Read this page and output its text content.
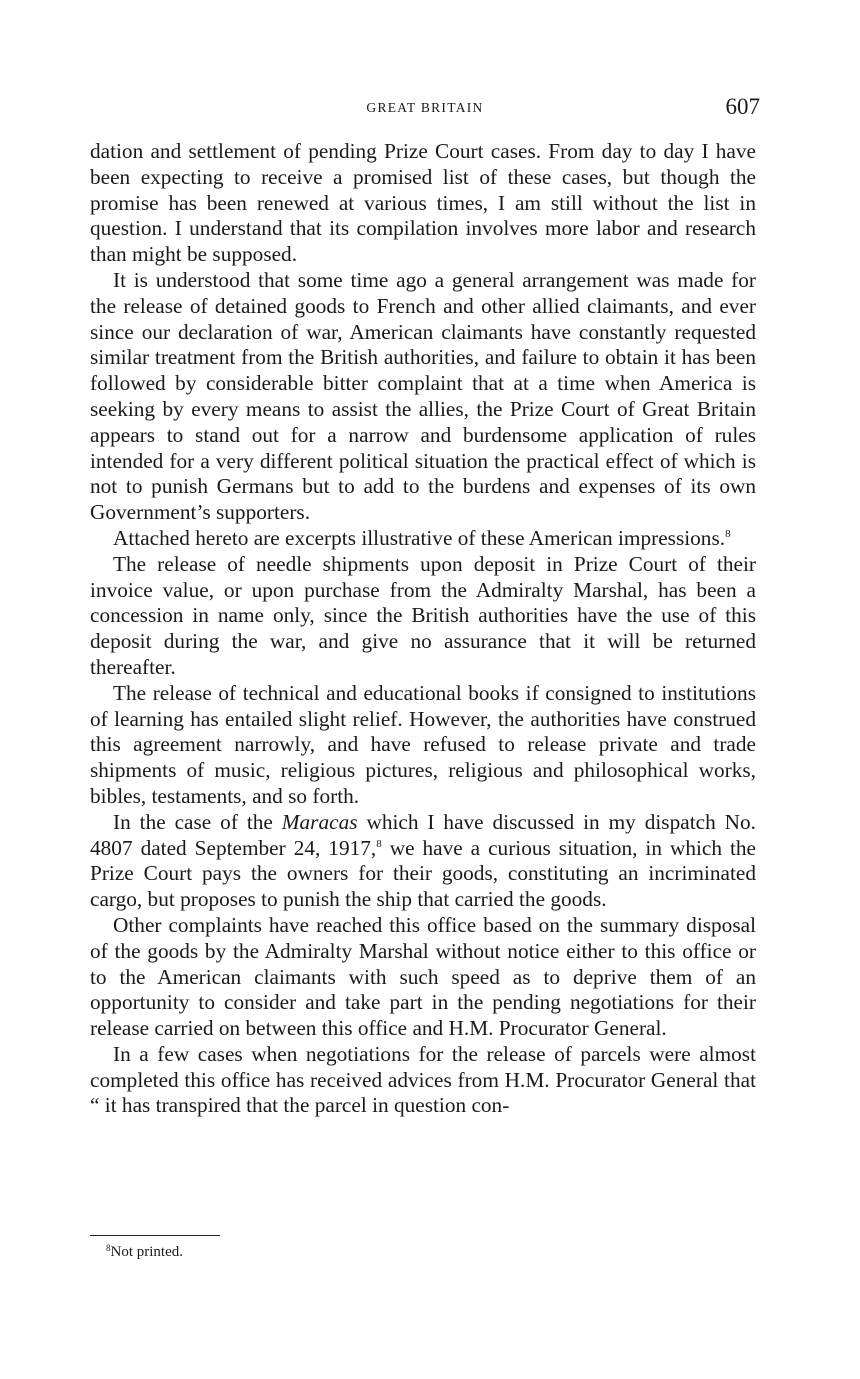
GREAT BRITAIN	607

dation and settlement of pending Prize Court cases. From day to day I have been expecting to receive a promised list of these cases, but though the promise has been renewed at various times, I am still without the list in question. I understand that its compilation involves more labor and research than might be supposed.

It is understood that some time ago a general arrangement was made for the release of detained goods to French and other allied claimants, and ever since our declaration of war, American claimants have constantly requested similar treatment from the British authorities, and failure to obtain it has been followed by considerable bitter complaint that at a time when America is seeking by every means to assist the allies, the Prize Court of Great Britain appears to stand out for a narrow and burdensome application of rules intended for a very different political situation the practical effect of which is not to punish Germans but to add to the burdens and expenses of its own Government’s supporters.

Attached hereto are excerpts illustrative of these American impressions.$^8$

The release of needle shipments upon deposit in Prize Court of their invoice value, or upon purchase from the Admiralty Marshal, has been a concession in name only, since the British authorities have the use of this deposit during the war, and give no assurance that it will be returned thereafter.

The release of technical and educational books if consigned to institutions of learning has entailed slight relief. However, the authorities have construed this agreement narrowly, and have refused to release private and trade shipments of music, religious pictures, religious and philosophical works, bibles, testaments, and so forth.

In the case of the Maracas which I have discussed in my dispatch No. 4807 dated September 24, 1917,$^8$ we have a curious situation, in which the Prize Court pays the owners for their goods, constituting an incriminated cargo, but proposes to punish the ship that carried the goods.

Other complaints have reached this office based on the summary disposal of the goods by the Admiralty Marshal without notice either to this office or to the American claimants with such speed as to deprive them of an opportunity to consider and take part in the pending negotiations for their release carried on between this office and H.M. Procurator General.

In a few cases when negotiations for the release of parcels were almost completed this office has received advices from H.M. Procurator General that “ it has transpired that the parcel in question con-

$^8$Not printed.
